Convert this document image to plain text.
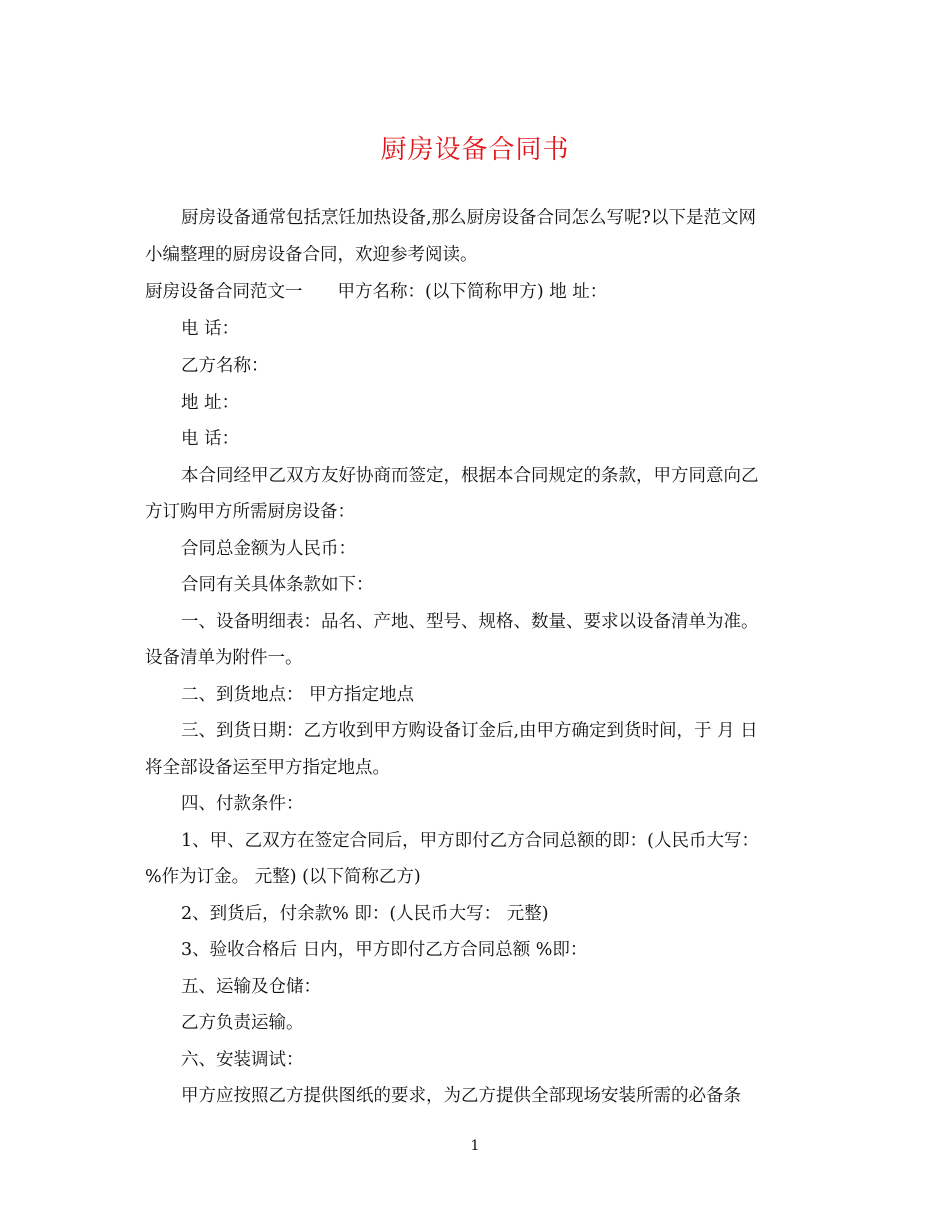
厨房设备合同书
厨房设备通常包括烹饪加热设备,那么厨房设备合同怎么写呢?以下是范文网
小编整理的厨房设备合同，欢迎参考阅读。
厨房设备合同范文一　　甲方名称：(以下简称甲方) 地 址：
电 话：
乙方名称：
地 址：
电 话：
本合同经甲乙双方友好协商而签定，根据本合同规定的条款，甲方同意向乙
方订购甲方所需厨房设备：
合同总金额为人民币：
合同有关具体条款如下：
一、设备明细表：品名、产地、型号、规格、数量、要求以设备清单为准。
设备清单为附件一。
二、到货地点： 甲方指定地点
三、到货日期：乙方收到甲方购设备订金后,由甲方确定到货时间，于 月 日
将全部设备运至甲方指定地点。
四、付款条件：
1、甲、乙双方在签定合同后，甲方即付乙方合同总额的即：(人民币大写：
%作为订金。 元整) (以下简称乙方)
2、到货后，付余款% 即：(人民币大写： 元整)
3、验收合格后 日内，甲方即付乙方合同总额 %即：
五、运输及仓储：
乙方负责运输。
六、安装调试：
甲方应按照乙方提供图纸的要求，为乙方提供全部现场安装所需的必备条
1
